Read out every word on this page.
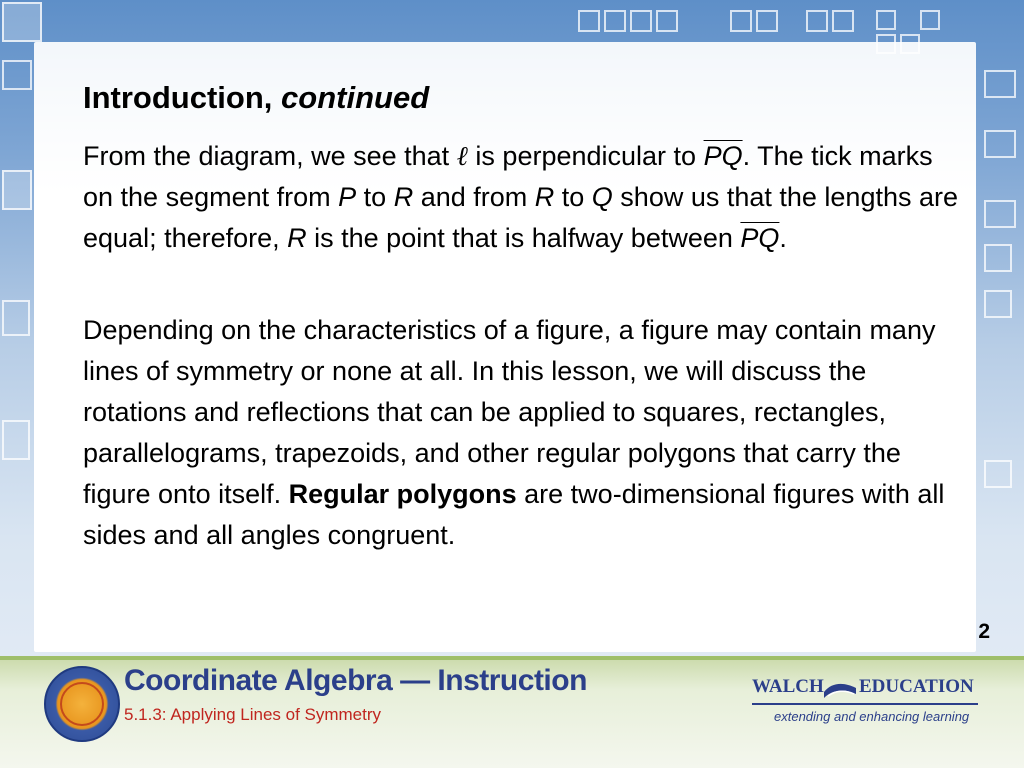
Introduction, continued

From the diagram, we see that ℓ is perpendicular to $\overline{PQ}$. The tick marks on the segment from P to R and from R to Q show us that the lengths are equal; therefore, R is the point that is halfway between $\overline{PQ}$.

Depending on the characteristics of a figure, a figure may contain many lines of symmetry or none at all. In this lesson, we will discuss the rotations and reflections that can be applied to squares, rectangles, parallelograms, trapezoids, and other regular polygons that carry the figure onto itself. Regular polygons are two-dimensional figures with all sides and all angles congruent.

2
Coordinate Algebra — Instruction
5.1.3: Applying Lines of Symmetry
WALCH EDUCATION
extending and enhancing learning
